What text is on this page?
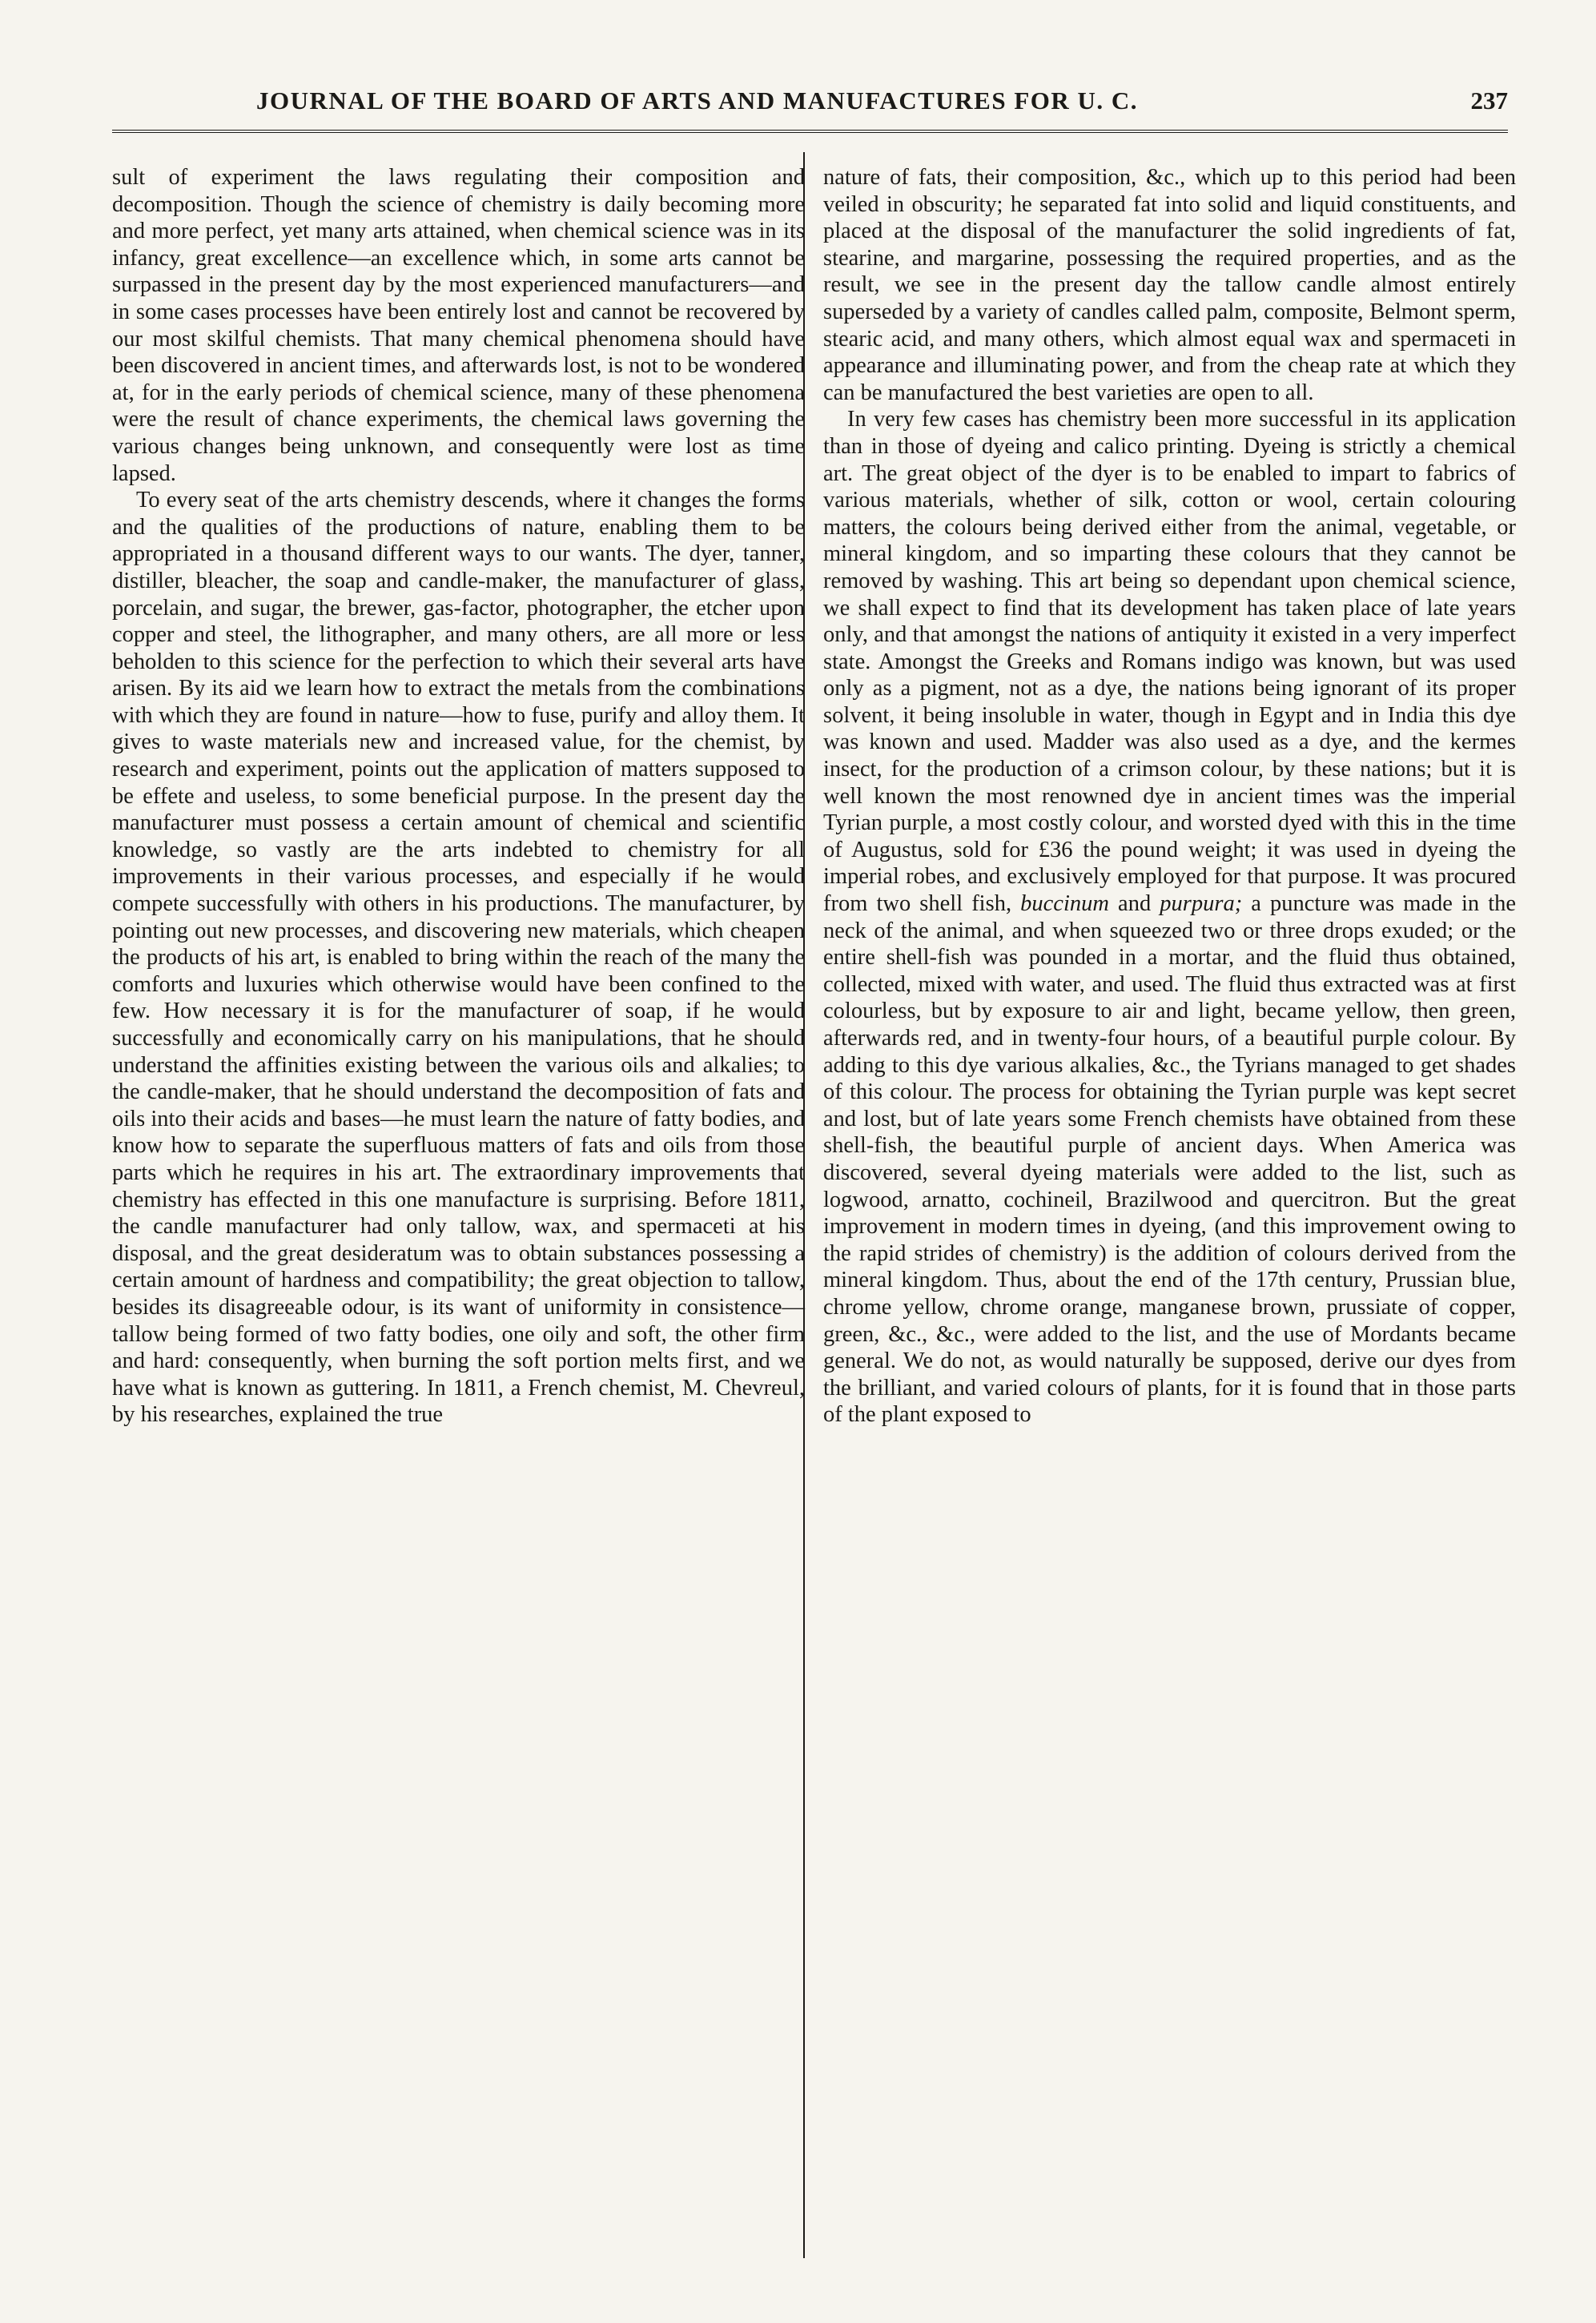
JOURNAL OF THE BOARD OF ARTS AND MANUFACTURES FOR U. C.	237

sult of experiment the laws regulating their composition and decomposition. Though the science of chemistry is daily becoming more and more perfect, yet many arts attained, when chemical science was in its infancy, great excellence—an excellence which, in some arts cannot be surpassed in the present day by the most experienced manufacturers—and in some cases processes have been entirely lost and cannot be recovered by our most skilful chemists. That many chemical phenomena should have been discovered in ancient times, and afterwards lost, is not to be wondered at, for in the early periods of chemical science, many of these phenomena were the result of chance experiments, the chemical laws governing the various changes being unknown, and consequently were lost as time lapsed.

To every seat of the arts chemistry descends, where it changes the forms and the qualities of the productions of nature, enabling them to be appropriated in a thousand different ways to our wants. The dyer, tanner, distiller, bleacher, the soap and candle-maker, the manufacturer of glass, porcelain, and sugar, the brewer, gas-factor, photographer, the etcher upon copper and steel, the lithographer, and many others, are all more or less beholden to this science for the perfection to which their several arts have arisen. By its aid we learn how to extract the metals from the combinations with which they are found in nature—how to fuse, purify and alloy them. It gives to waste materials new and increased value, for the chemist, by research and experiment, points out the application of matters supposed to be effete and useless, to some beneficial purpose. In the present day the manufacturer must possess a certain amount of chemical and scientific knowledge, so vastly are the arts indebted to chemistry for all improvements in their various processes, and especially if he would compete successfully with others in his productions. The manufacturer, by pointing out new processes, and discovering new materials, which cheapen the products of his art, is enabled to bring within the reach of the many the comforts and luxuries which otherwise would have been confined to the few. How necessary it is for the manufacturer of soap, if he would successfully and economically carry on his manipulations, that he should understand the affinities existing between the various oils and alkalies; to the candle-maker, that he should understand the decomposition of fats and oils into their acids and bases—he must learn the nature of fatty bodies, and know how to separate the superfluous matters of fats and oils from those parts which he requires in his art. The extraordinary improvements that chemistry has effected in this one manufacture is surprising. Before 1811, the candle manufacturer had only tallow, wax, and spermaceti at his disposal, and the great desideratum was to obtain substances possessing a certain amount of hardness and compatibility; the great objection to tallow, besides its disagreeable odour, is its want of uniformity in consistence—tallow being formed of two fatty bodies, one oily and soft, the other firm and hard: consequently, when burning the soft portion melts first, and we have what is known as guttering. In 1811, a French chemist, M. Chevreul, by his researches, explained the true

nature of fats, their composition, &c., which up to this period had been veiled in obscurity; he separated fat into solid and liquid constituents, and placed at the disposal of the manufacturer the solid ingredients of fat, stearine, and margarine, possessing the required properties, and as the result, we see in the present day the tallow candle almost entirely superseded by a variety of candles called palm, composite, Belmont sperm, stearic acid, and many others, which almost equal wax and spermaceti in appearance and illuminating power, and from the cheap rate at which they can be manufactured the best varieties are open to all.

In very few cases has chemistry been more successful in its application than in those of dyeing and calico printing. Dyeing is strictly a chemical art. The great object of the dyer is to be enabled to impart to fabrics of various materials, whether of silk, cotton or wool, certain colouring matters, the colours being derived either from the animal, vegetable, or mineral kingdom, and so imparting these colours that they cannot be removed by washing. This art being so dependant upon chemical science, we shall expect to find that its development has taken place of late years only, and that amongst the nations of antiquity it existed in a very imperfect state. Amongst the Greeks and Romans indigo was known, but was used only as a pigment, not as a dye, the nations being ignorant of its proper solvent, it being insoluble in water, though in Egypt and in India this dye was known and used. Madder was also used as a dye, and the kermes insect, for the production of a crimson colour, by these nations; but it is well known the most renowned dye in ancient times was the imperial Tyrian purple, a most costly colour, and worsted dyed with this in the time of Augustus, sold for £36 the pound weight; it was used in dyeing the imperial robes, and exclusively employed for that purpose. It was procured from two shell fish, buccinum and purpura; a puncture was made in the neck of the animal, and when squeezed two or three drops exuded; or the entire shell-fish was pounded in a mortar, and the fluid thus obtained, collected, mixed with water, and used. The fluid thus extracted was at first colourless, but by exposure to air and light, became yellow, then green, afterwards red, and in twenty-four hours, of a beautiful purple colour. By adding to this dye various alkalies, &c., the Tyrians managed to get shades of this colour. The process for obtaining the Tyrian purple was kept secret and lost, but of late years some French chemists have obtained from these shell-fish, the beautiful purple of ancient days. When America was discovered, several dyeing materials were added to the list, such as logwood, arnatto, cochineil, Brazilwood and quercitron. But the great improvement in modern times in dyeing, (and this improvement owing to the rapid strides of chemistry) is the addition of colours derived from the mineral kingdom. Thus, about the end of the 17th century, Prussian blue, chrome yellow, chrome orange, manganese brown, prussiate of copper, green, &c., &c., were added to the list, and the use of Mordants became general. We do not, as would naturally be supposed, derive our dyes from the brilliant, and varied colours of plants, for it is found that in those parts of the plant exposed to
